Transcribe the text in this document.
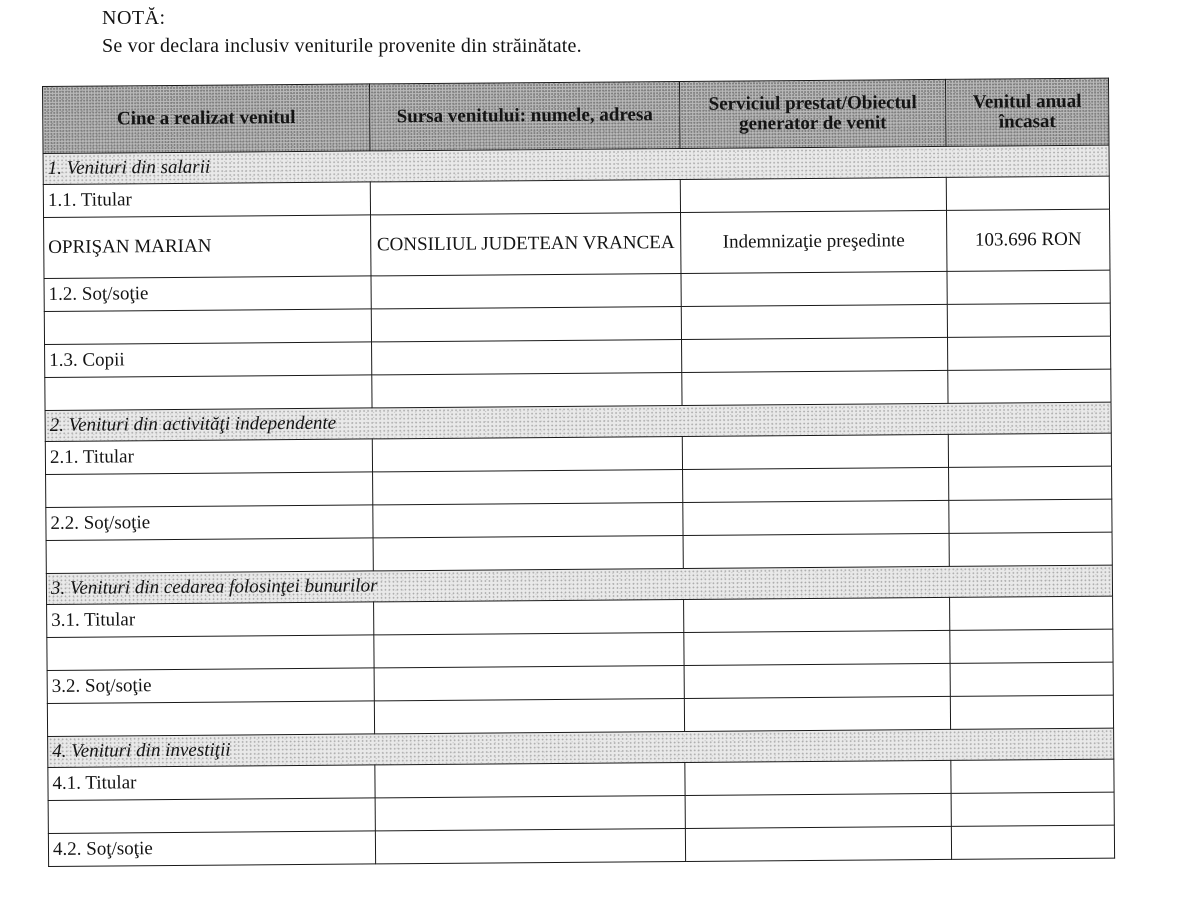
NOTĂ:
Se vor declara inclusiv veniturile provenite din străinătate.
Cine a realizat venitul	Sursa venitului: numele, adresa	Serviciul prestat/Obiectul generator de venit	Venitul anual încasat
1. Venituri din salarii			
1.1. Titular			
OPRIŞAN MARIAN	CONSILIUL JUDETEAN VRANCEA	Indemnizaţie preşedinte	103.696 RON
1.2. Soţ/soţie			

1.3. Copii			

2. Venituri din activităţi independente			
2.1. Titular			

2.2. Soţ/soţie			

3. Venituri din cedarea folosinţei bunurilor			
3.1. Titular			

3.2. Soţ/soţie			

4. Venituri din investiţii			
4.1. Titular			

4.2. Soţ/soţie			
